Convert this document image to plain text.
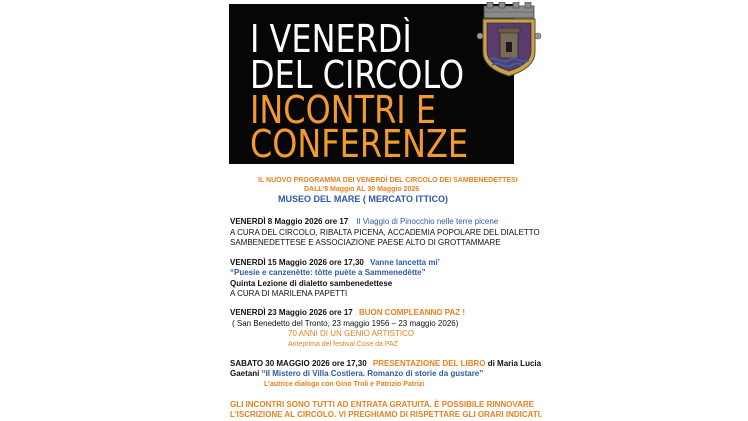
I VENERDÌ

DEL CIRCOLO

INCONTRI E

CONFERENZE

IL NUOVO PROGRAMMA DEI VENERDÌ DEL CIRCOLO DEI SAMBENEDETTESI

DALL’8 Maggio AL 30 Maggio 2026

MUSEO DEL MARE ( MERCATO ITTICO)

VENERDÌ 8 Maggio 2026 ore 17 Il Viaggio di Pinocchio nelle terre picene

A CURA DEL CIRCOLO, RIBALTA PICENA, ACCADEMIA POPOLARE DEL DIALETTO

SAMBENEDETTESE E ASSOCIAZIONE PAESE ALTO DI GROTTAMMARE

VENERDÌ 15 Maggio 2026 ore 17,30 Vanne lancetta mi’

“Puesie e canzenètte: tòtte puète a Sammenedètte”

Quinta Lezione di dialetto sambenedettese

A CURA DI MARILENA PAPETTI

VENERDÌ 23 Maggio 2026 ore 17 BUON COMPLEANNO PAZ !

( San Benedetto del Tronto, 23 maggio 1956 – 23 maggio 2026)

70 ANNI DI UN GENIO ARTISTICO

Anteprima del festival Cose da PAZ

SABATO 30 MAGGIO 2026 ore 17,30 PRESENTAZIONE DEL LIBRO di Maria Lucia

Gaetani “Il Mistero di Villa Costiera. Romanzo di storie da gustare”

L’autrice dialoga con Gino Troli e Patrizio Patrizi

GLI INCONTRI SONO TUTTI AD ENTRATA GRATUITA. È POSSIBILE RINNOVARE

L’ISCRIZIONE AL CIRCOLO. VI PREGHIAMO DI RISPETTARE GLI ORARI INDICATI.
